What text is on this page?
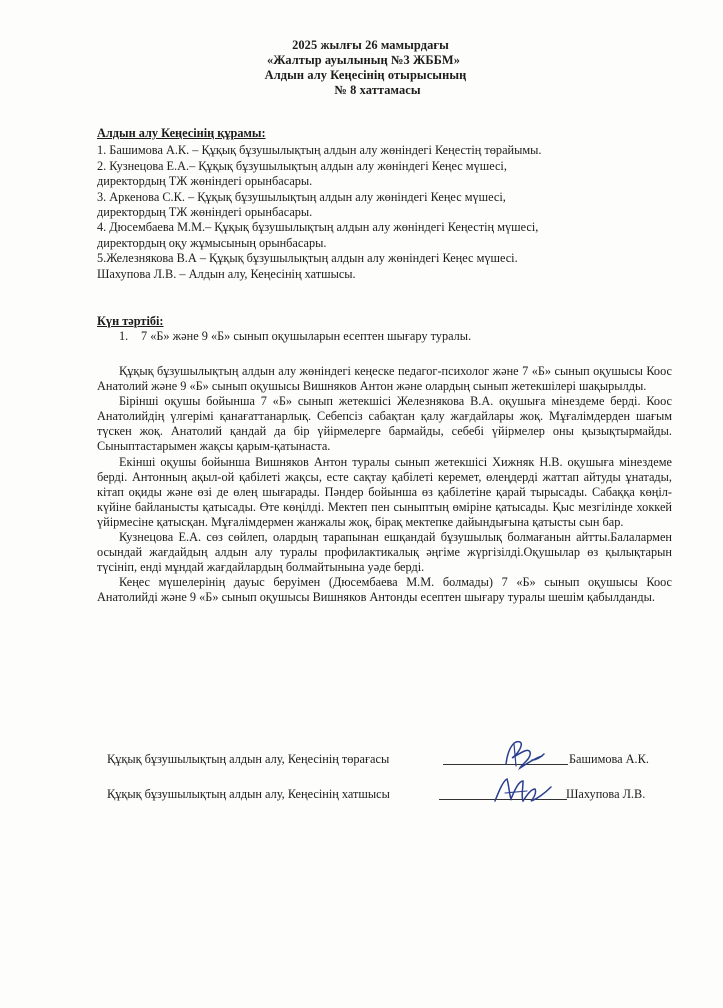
2025 жылғы 26 мамырдағы
«Жалтыр ауылының №3 ЖББМ»
Алдын алу Кеңесінің отырысының
№ 8 хаттамасы
Алдын алу Кеңесінің құрамы:
1. Башимова А.К. – Құқық бұзушылықтың алдын алу жөніндегі Кеңестің төрайымы.
2. Кузнецова Е.А.– Құқық бұзушылықтың алдын алу жөніндегі Кеңес мүшесі,
директордың ТЖ жөніндегі орынбасары.
3. Аркенова С.К. – Құқық бұзушылықтың алдын алу жөніндегі Кеңес мүшесі,
директордың ТЖ жөніндегі орынбасары.
4. Дюсембаева М.М.– Құқық бұзушылықтың алдын алу жөніндегі Кеңестің мүшесі,
директордың оқу жұмысының орынбасары.
5.Железнякова В.А – Құқық бұзушылықтың алдын алу жөніндегі Кеңес мүшесі.
Шахупова Л.В. – Алдын алу, Кеңесінің хатшысы.
Күн тәртібі:
1. 7 «Б» және 9 «Б» сынып оқушыларын есептен шығару туралы.

Құқық бұзушылықтың алдын алу жөніндегі кеңеске педагог-психолог және 7 «Б» сынып оқушысы Коос Анатолий және 9 «Б» сынып оқушысы Вишняков Антон және олардың сынып жетекшілері шақырылды.

Бірінші оқушы бойынша 7 «Б» сынып жетекшісі Железнякова В.А. оқушыға мінездеме берді. Коос Анатолийдің үлгерімі қанағаттанарлық. Себепсіз сабақтан қалу жағдайлары жоқ. Мұғалімдерден шағым түскен жоқ. Анатолий қандай да бір үйірмелерге бармайды, себебі үйірмелер оны қызықтырмайды. Сыныптастарымен жақсы қарым-қатынаста.

Екінші оқушы бойынша Вишняков Антон туралы сынып жетекшісі Хижняк Н.В. оқушыға мінездеме берді. Антонның ақыл-ой қабілеті жақсы, есте сақтау қабілеті керемет, өлеңдерді жаттап айтуды ұнатады, кітап оқиды және өзі де өлең шығарады. Пәндер бойынша өз қабілетіне қарай тырысады. Сабаққа көңіл-күйіне байланысты қатысады. Өте көңілді. Мектеп пен сыныптың өміріне қатысады. Қыс мезгілінде хоккей үйірмесіне қатысқан. Мұғалімдермен жанжалы жоқ, бірақ мектепке дайындығына қатысты сын бар.

Кузнецова Е.А. сөз сөйлеп, олардың тарапынан ешқандай бұзушылық болмағанын айтты.Балалармен осындай жағдайдың алдын алу туралы профилактикалық әңгіме жүргізілді.Оқушылар өз қылықтарын түсініп, енді мұндай жағдайлардың болмайтынына уәде берді.

Кеңес мүшелерінің дауыс беруімен (Дюсембаева М.М. болмады) 7 «Б» сынып оқушысы Коос Анатолийді және 9 «Б» сынып оқушысы Вишняков Антонды есептен шығару туралы шешім қабылданды.

Құқық бұзушылықтың алдын алу, Кеңесінің төрағасы	Башимова А.К.
Құқық бұзушылықтың алдын алу, Кеңесінің хатшысы	Шахупова Л.В.
